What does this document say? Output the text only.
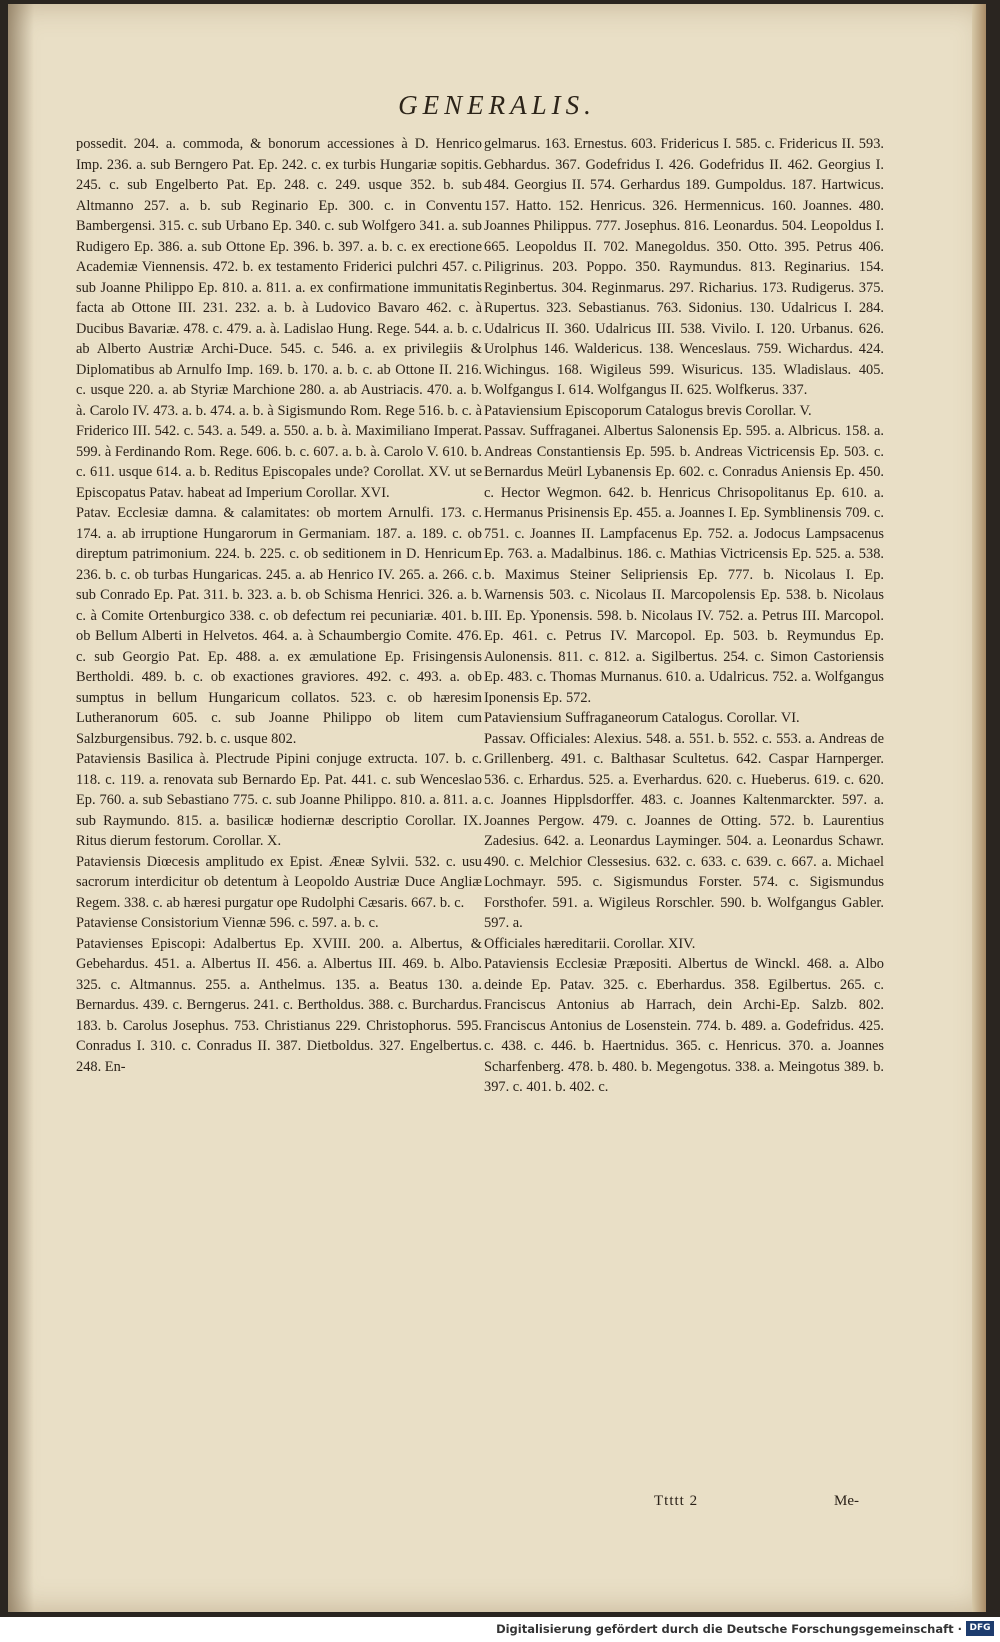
GENERALIS.

possedit. 204. a. commoda, & bonorum accessiones à D. Henrico Imp. 236. a. sub Berngero Pat. Ep. 242. c. ex turbis Hungariæ sopitis. 245. c. sub Engelberto Pat. Ep. 248. c. 249. usque 352. b. sub Altmanno 257. a. b. sub Reginario Ep. 300. c. in Conventu Bambergensi. 315. c. sub Urbano Ep. 340. c. sub Wolfgero 341. a. sub Rudigero Ep. 386. a. sub Ottone Ep. 396. b. 397. a. b. c. ex erectione Academiæ Viennensis. 472. b. ex testamento Friderici pulchri 457. c. sub Joanne Philippo Ep. 810. a. 811. a. ex confirmatione immunitatis facta ab Ottone III. 231. 232. a. b. à Ludovico Bavaro 462. c. à Ducibus Bavariæ. 478. c. 479. a. à. Ladislao Hung. Rege. 544. a. b. c. ab Alberto Austriæ Archi-Duce. 545. c. 546. a. ex privilegiis & Diplomatibus ab Arnulfo Imp. 169. b. 170. a. b. c. ab Ottone II. 216. c. usque 220. a. ab Styriæ Marchione 280. a. ab Austriacis. 470. a. b. à. Carolo IV. 473. a. b. 474. a. b. à Sigismundo Rom. Rege 516. b. c. à Friderico III. 542. c. 543. a. 549. a. 550. a. b. à. Maximiliano Imperat. 599. à Ferdinando Rom. Rege. 606. b. c. 607. a. b. à. Carolo V. 610. b. c. 611. usque 614. a. b. Reditus Episcopales unde? Corollat. XV. ut se Episcopatus Patav. habeat ad Imperium Corollar. XVI.

Patav. Ecclesiæ damna. & calamitates: ob mortem Arnulfi. 173. c. 174. a. ab irruptione Hungarorum in Germaniam. 187. a. 189. c. ob direptum patrimonium. 224. b. 225. c. ob seditionem in D. Henricum 236. b. c. ob turbas Hungaricas. 245. a. ab Henrico IV. 265. a. 266. c. sub Conrado Ep. Pat. 311. b. 323. a. b. ob Schisma Henrici. 326. a. b. c. à Comite Ortenburgico 338. c. ob defectum rei pecuniariæ. 401. b. ob Bellum Alberti in Helvetos. 464. a. à Schaumbergio Comite. 476. c. sub Georgio Pat. Ep. 488. a. ex æmulatione Ep. Frisingensis Bertholdi. 489. b. c. ob exactiones graviores. 492. c. 493. a. ob sumptus in bellum Hungaricum collatos. 523. c. ob hæresim Lutheranorum 605. c. sub Joanne Philippo ob litem cum Salzburgensibus. 792. b. c. usque 802.

Pataviensis Basilica à. Plectrude Pipini conjuge extructa. 107. b. c. 118. c. 119. a. renovata sub Bernardo Ep. Pat. 441. c. sub Wenceslao Ep. 760. a. sub Sebastiano 775. c. sub Joanne Philippo. 810. a. 811. a. sub Raymundo. 815. a. basilicæ hodiernæ descriptio Corollar. IX. Ritus dierum festorum. Corollar. X.

Pataviensis Diœcesis amplitudo ex Epist. Æneæ Sylvii. 532. c. usu sacrorum interdicitur ob detentum à Leopoldo Austriæ Duce Angliæ Regem. 338. c. ab hæresi purgatur ope Rudolphi Cæsaris. 667. b. c.

Pataviense Consistorium Viennæ 596. c. 597. a. b. c.

Patavienses Episcopi: Adalbertus Ep. XVIII. 200. a. Albertus, & Gebehardus. 451. a. Albertus II. 456. a. Albertus III. 469. b. Albo. 325. c. Altmannus. 255. a. Anthelmus. 135. a. Beatus 130. a. Bernardus. 439. c. Berngerus. 241. c. Bertholdus. 388. c. Burchardus. 183. b. Carolus Josephus. 753. Christianus 229. Christophorus. 595. Conradus I. 310. c. Conradus II. 387. Dietboldus. 327. Engelbertus. 248. En-

gelmarus. 163. Ernestus. 603. Fridericus I. 585. c. Fridericus II. 593. Gebhardus. 367. Godefridus I. 426. Godefridus II. 462. Georgius I. 484. Georgius II. 574. Gerhardus 189. Gumpoldus. 187. Hartwicus. 157. Hatto. 152. Henricus. 326. Hermennicus. 160. Joannes. 480. Joannes Philippus. 777. Josephus. 816. Leonardus. 504. Leopoldus I. 665. Leopoldus II. 702. Manegoldus. 350. Otto. 395. Petrus 406. Piligrinus. 203. Poppo. 350. Raymundus. 813. Reginarius. 154. Reginbertus. 304. Reginmarus. 297. Richarius. 173. Rudigerus. 375. Rupertus. 323. Sebastianus. 763. Sidonius. 130. Udalricus I. 284. Udalricus II. 360. Udalricus III. 538. Vivilo. I. 120. Urbanus. 626. Urolphus 146. Waldericus. 138. Wenceslaus. 759. Wichardus. 424. Wichingus. 168. Wigileus 599. Wisuricus. 135. Wladislaus. 405. Wolfgangus I. 614. Wolfgangus II. 625. Wolfkerus. 337.

Pataviensium Episcoporum Catalogus brevis Corollar. V.

Passav. Suffraganei. Albertus Salonensis Ep. 595. a. Albricus. 158. a. Andreas Constantiensis Ep. 595. b. Andreas Victricensis Ep. 503. c. Bernardus Meürl Lybanensis Ep. 602. c. Conradus Aniensis Ep. 450. c. Hector Wegmon. 642. b. Henricus Chrisopolitanus Ep. 610. a. Hermanus Prisinensis Ep. 455. a. Joannes I. Ep. Symblinensis 709. c. 751. c. Joannes II. Lampfacenus Ep. 752. a. Jodocus Lampsacenus Ep. 763. a. Madalbinus. 186. c. Mathias Victricensis Ep. 525. a. 538. b. Maximus Steiner Selipriensis Ep. 777. b. Nicolaus I. Ep. Warnensis 503. c. Nicolaus II. Marcopolensis Ep. 538. b. Nicolaus III. Ep. Yponensis. 598. b. Nicolaus IV. 752. a. Petrus III. Marcopol. Ep. 461. c. Petrus IV. Marcopol. Ep. 503. b. Reymundus Ep. Aulonensis. 811. c. 812. a. Sigilbertus. 254. c. Simon Castoriensis Ep. 483. c. Thomas Murnanus. 610. a. Udalricus. 752. a. Wolfgangus Iponensis Ep. 572.

Pataviensium Suffraganeorum Catalogus. Corollar. VI.

Passav. Officiales: Alexius. 548. a. 551. b. 552. c. 553. a. Andreas de Grillenberg. 491. c. Balthasar Scultetus. 642. Caspar Harnperger. 536. c. Erhardus. 525. a. Everhardus. 620. c. Hueberus. 619. c. 620. c. Joannes Hipplsdorffer. 483. c. Joannes Kaltenmarckter. 597. a. Joannes Pergow. 479. c. Joannes de Otting. 572. b. Laurentius Zadesius. 642. a. Leonardus Layminger. 504. a. Leonardus Schawr. 490. c. Melchior Clessesius. 632. c. 633. c. 639. c. 667. a. Michael Lochmayr. 595. c. Sigismundus Forster. 574. c. Sigismundus Forsthofer. 591. a. Wigileus Rorschler. 590. b. Wolfgangus Gabler. 597. a.

Officiales hæreditarii. Corollar. XIV.

Pataviensis Ecclesiæ Præpositi. Albertus de Winckl. 468. a. Albo deinde Ep. Patav. 325. c. Eberhardus. 358. Egilbertus. 265. c. Franciscus Antonius ab Harrach, dein Archi-Ep. Salzb. 802. Franciscus Antonius de Losenstein. 774. b. 489. a. Godefridus. 425. c. 438. c. 446. b. Haertnidus. 365. c. Henricus. 370. a. Joannes Scharfenberg. 478. b. 480. b. Megengotus. 338. a. Meingotus 389. b. 397. c. 401. b. 402. c.

Ttttt 2	Me-
Digitalisierung gefördert durch die Deutsche Forschungsgemeinschaft · DFG
